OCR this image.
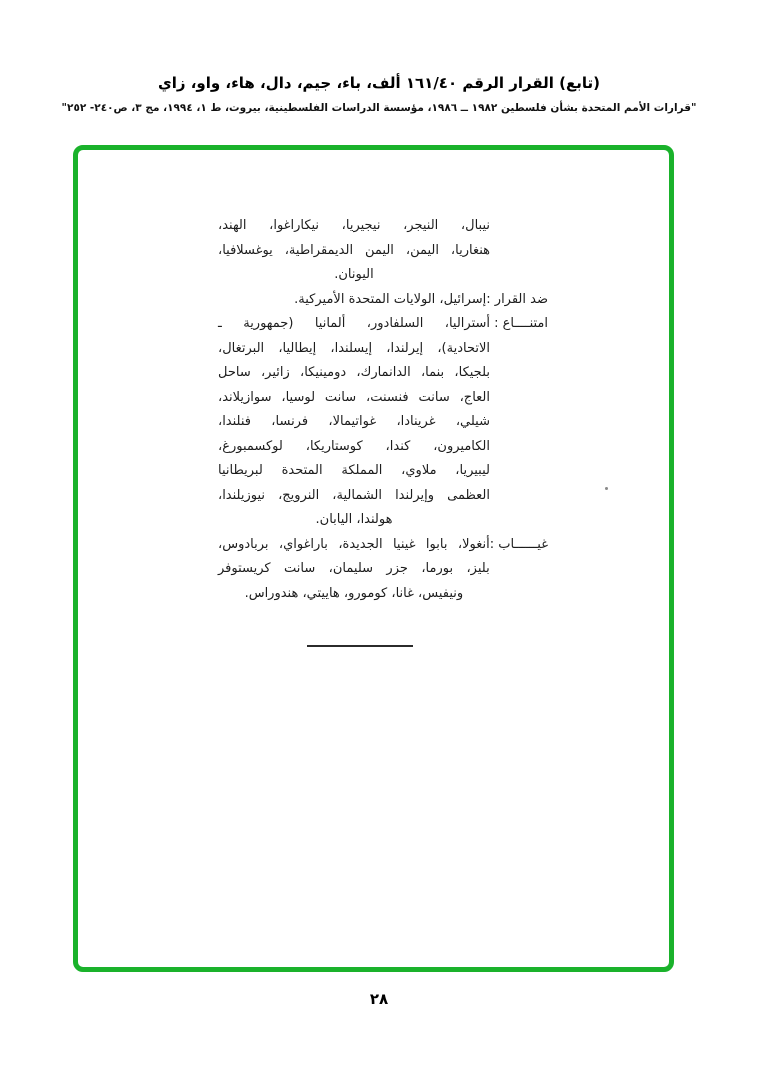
(تابع) القرار الرقم ١٦١/٤٠ ألف، باء، جيم، دال، هاء، واو، زاي
"قرارات الأمم المتحدة بشأن فلسطين ١٩٨٢ ــ ١٩٨٦، مؤسسة الدراسات الفلسطينية، بيروت، ط ١، ١٩٩٤، مج ٣، ص٢٤٠- ٢٥٢"
نيبال، النيجر، نيجيريا، نيكاراغوا، الهند،
هنغاريا، اليمن، اليمن الديمقراطية، يوغسلافيا،
اليونان.
ضد القرار :
إسرائيل، الولايات المتحدة الأميركية.
امتنــــاع :
أستراليا، السلفادور، ألمانيا (جمهورية ـ
الاتحادية)، إيرلندا، إيسلندا، إيطاليا، البرتغال،
بلجيكا، بنما، الدانمارك، دومينيكا، زائير، ساحل
العاج، سانت فنسنت، سانت لوسيا، سوازيلاند،
شيلي، غرينادا، غواتيمالا، فرنسا، فنلندا،
الكاميرون، كندا، كوستاريكا، لوكسمبورغ،
ليبيريا، ملاوي، المملكة المتحدة لبريطانيا
العظمى وإيرلندا الشمالية، النرويج، نيوزيلندا،
هولندا، اليابان.
غيــــــاب :
أنغولا، بابوا غينيا الجديدة، باراغواي، بربادوس،
بليز، بورما، جزر سليمان، سانت كريستوفر
ونيفيس، غانا، كومورو، هاييتي، هندوراس.
٢٨
